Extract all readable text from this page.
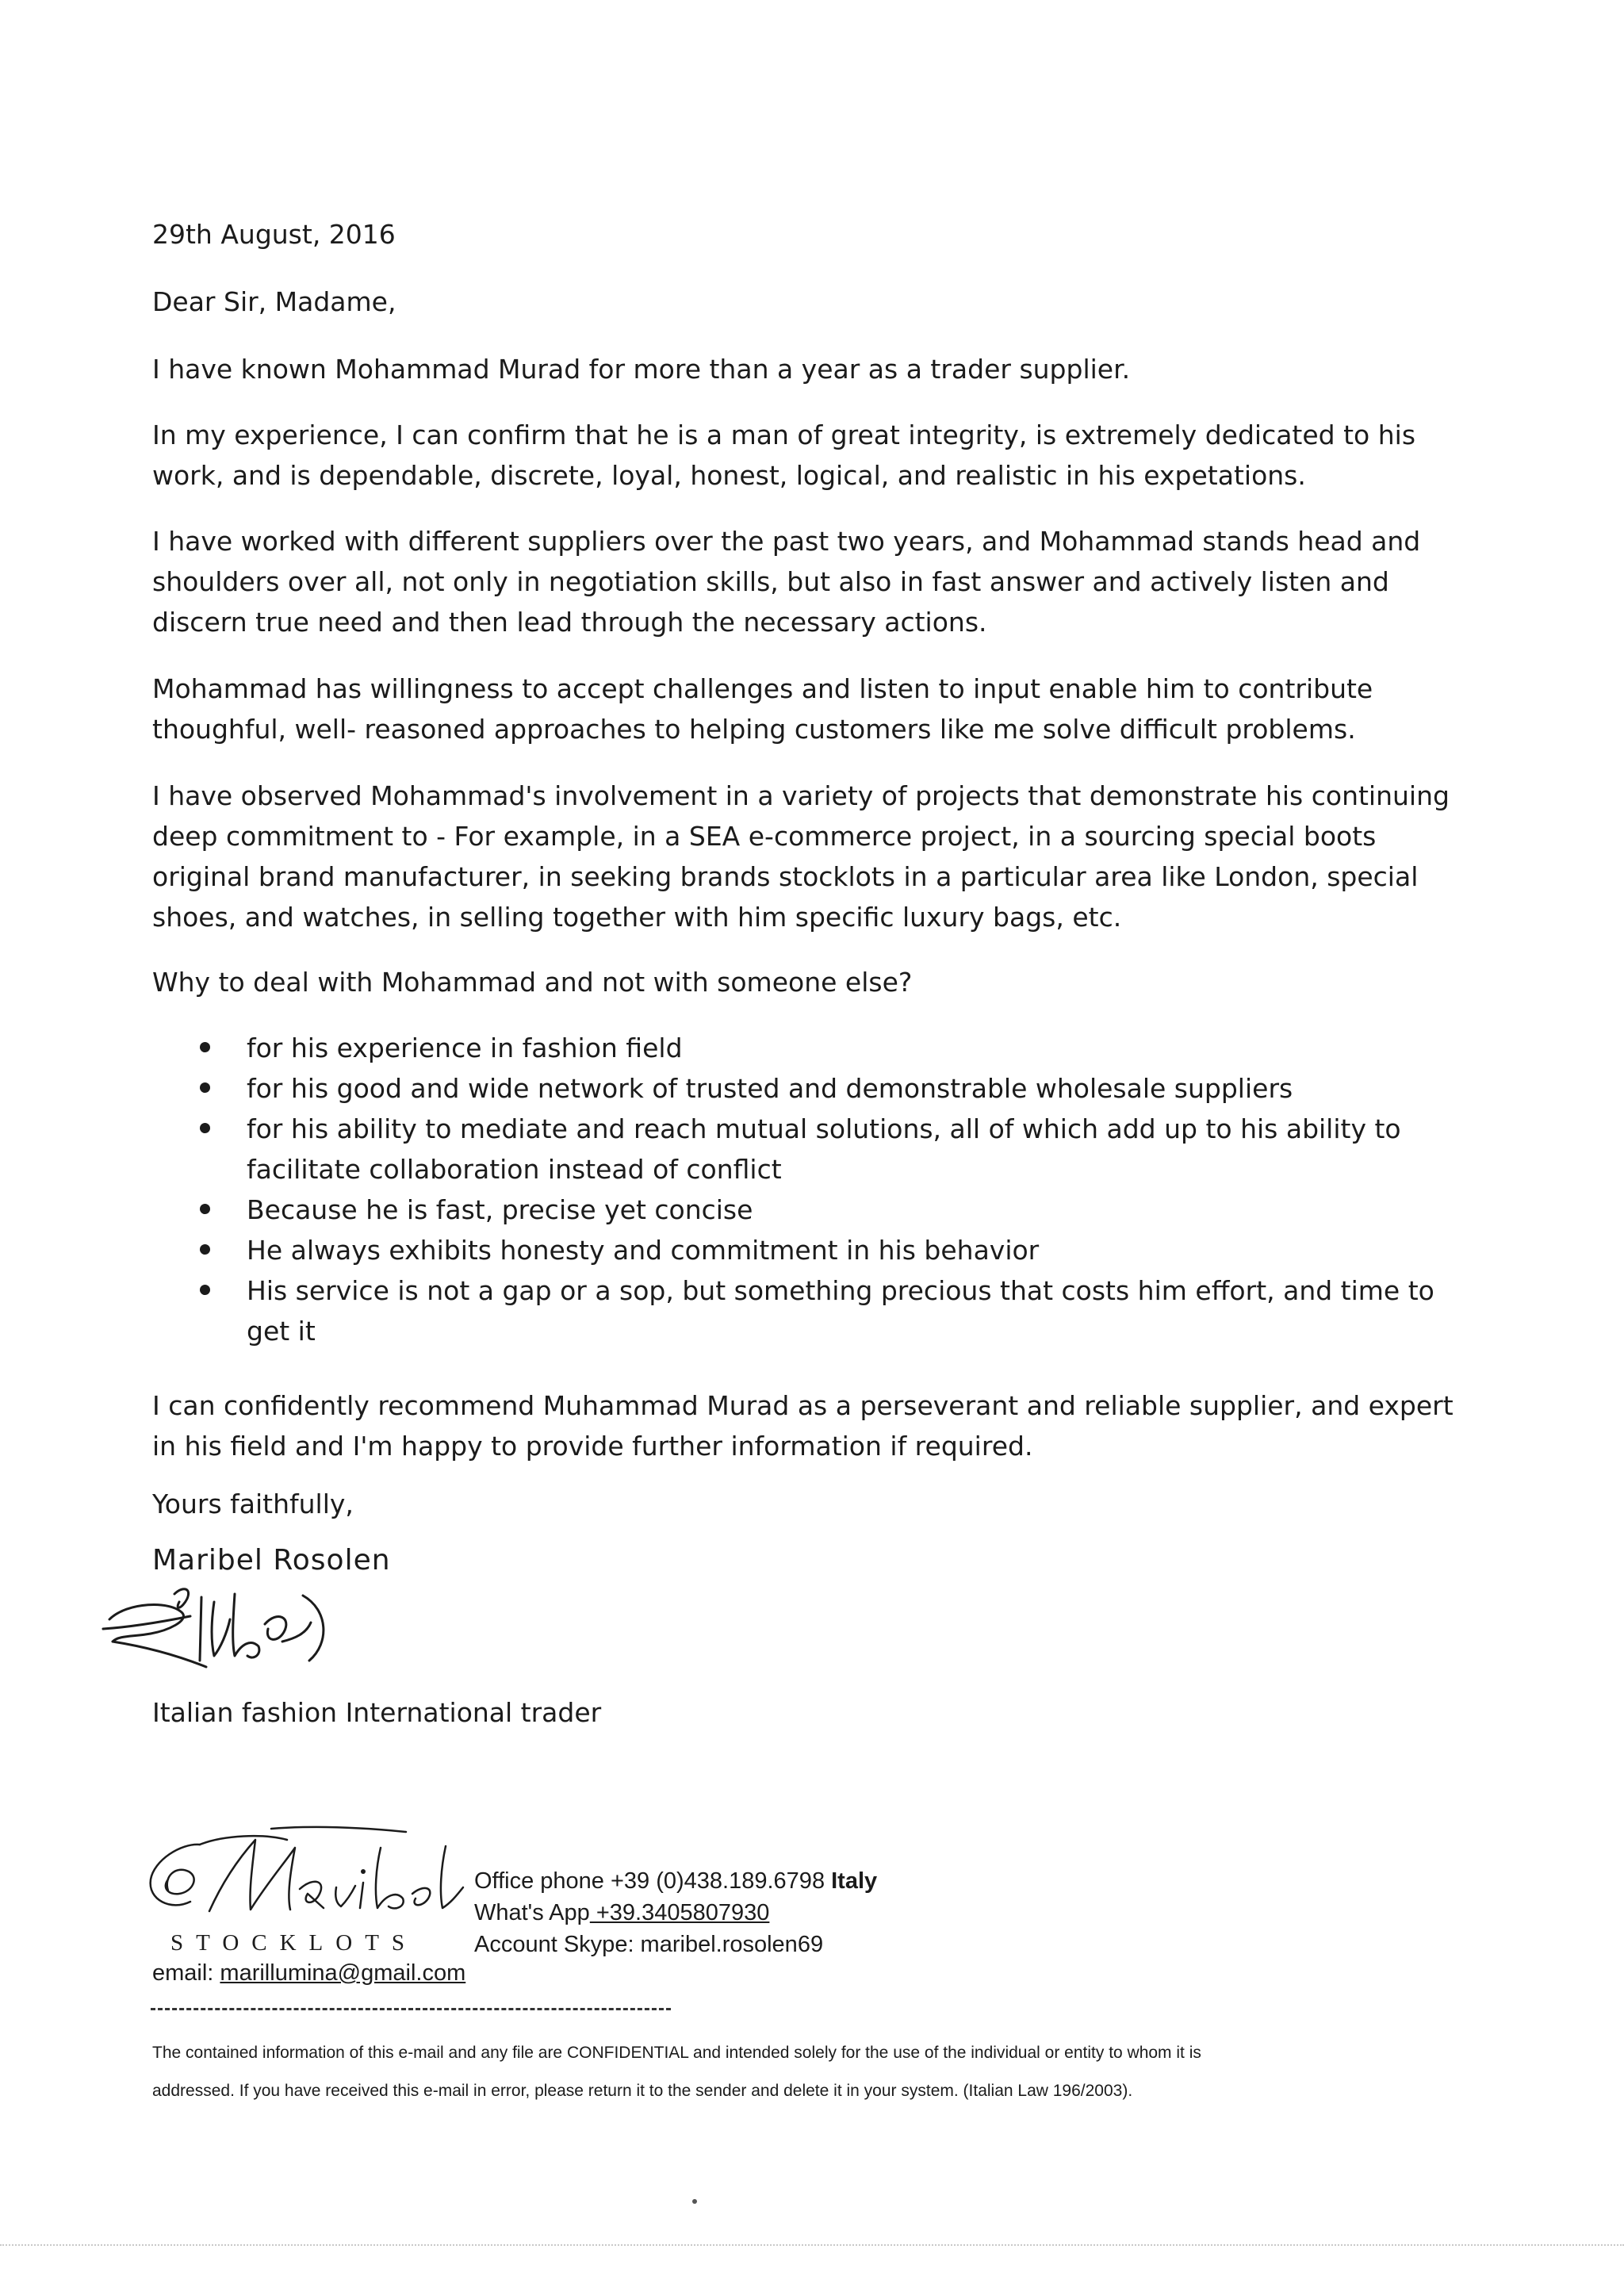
29th August, 2016
Dear Sir, Madame,
I have known Mohammad Murad for more than a year as a trader supplier.
In my experience, I can confirm that he is a man of great integrity, is extremely dedicated to his
work, and is dependable, discrete, loyal, honest, logical, and realistic in his expetations.
I have worked with different suppliers over the past two years, and Mohammad stands head and
shoulders over all, not only in negotiation skills, but also in fast answer and actively listen and
discern true need and then lead through the necessary actions.
Mohammad has willingness to accept challenges and listen to input enable him to contribute
thoughful, well- reasoned approaches to helping customers like me solve difficult problems.
I have observed Mohammad's involvement in a variety of projects that demonstrate his continuing
deep commitment to - For example, in a SEA e-commerce project, in a sourcing special boots
original brand manufacturer, in seeking brands stocklots in a particular area like London, special
shoes, and watches, in selling together with him specific luxury bags, etc.
Why to deal with Mohammad and not with someone else?
for his experience in fashion field
for his good and wide network of trusted and demonstrable wholesale suppliers
for his ability to mediate and reach mutual solutions, all of which add up to his ability to
facilitate collaboration instead of conflict
Because he is fast, precise yet concise
He always exhibits honesty and commitment in his behavior
His service is not a gap or a sop, but something precious that costs him effort, and time to
get it
I can confidently recommend Muhammad Murad as a perseverant and reliable supplier, and expert
in his field and I'm happy to provide further information if required.
Yours faithfully,
Maribel Rosolen
Italian fashion International trader
STOCKLOTS
email: marillumina@gmail.com
Office phone +39 (0)438.189.6798 Italy
What's App +39.3405807930
Account Skype: maribel.rosolen69
The contained information of this e-mail and any file are CONFIDENTIAL and intended solely for the use of the individual or entity to whom it is
addressed. If you have received this e-mail in error, please return it to the sender and delete it in your system. (Italian Law 196/2003).
